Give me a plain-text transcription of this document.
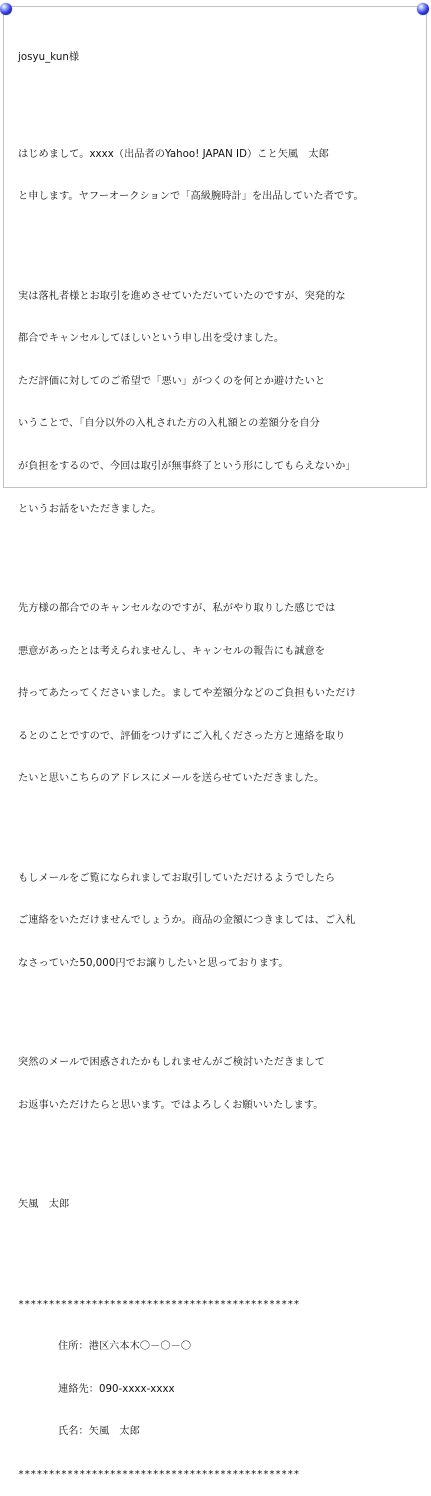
josyu_kun様

はじめまして。xxxx（出品者のYahoo! JAPAN ID）こと矢風　太郎

と申します。ヤフーオークションで「高級腕時計」を出品していた者です。

実は落札者様とお取引を進めさせていただいていたのですが、突発的な

都合でキャンセルしてほしいという申し出を受けました。

ただ評価に対してのご希望で「悪い」がつくのを何とか避けたいと

いうことで、「自分以外の入札された方の入札額との差額分を自分

が負担をするので、今回は取引が無事終了という形にしてもらえないか」

というお話をいただきました。

先方様の都合でのキャンセルなのですが、私がやり取りした感じでは

悪意があったとは考えられませんし、キャンセルの報告にも誠意を

持ってあたってくださいました。ましてや差額分などのご負担もいただけ

るとのことですので、評価をつけずにご入札くださった方と連絡を取り

たいと思いこちらのアドレスにメールを送らせていただきました。

もしメールをご覧になられましてお取引していただけるようでしたら

ご連絡をいただけませんでしょうか。商品の金額につきましては、ご入札

なさっていた50,000円でお譲りしたいと思っております。

突然のメールで困惑されたかもしれませんがご検討いただきまして

お返事いただけたらと思います。ではよろしくお願いいたします。

矢風　太郎

**********************************************

住所：港区六本木〇－〇－〇

連絡先：090-xxxx-xxxx

氏名：矢風　太郎

**********************************************
